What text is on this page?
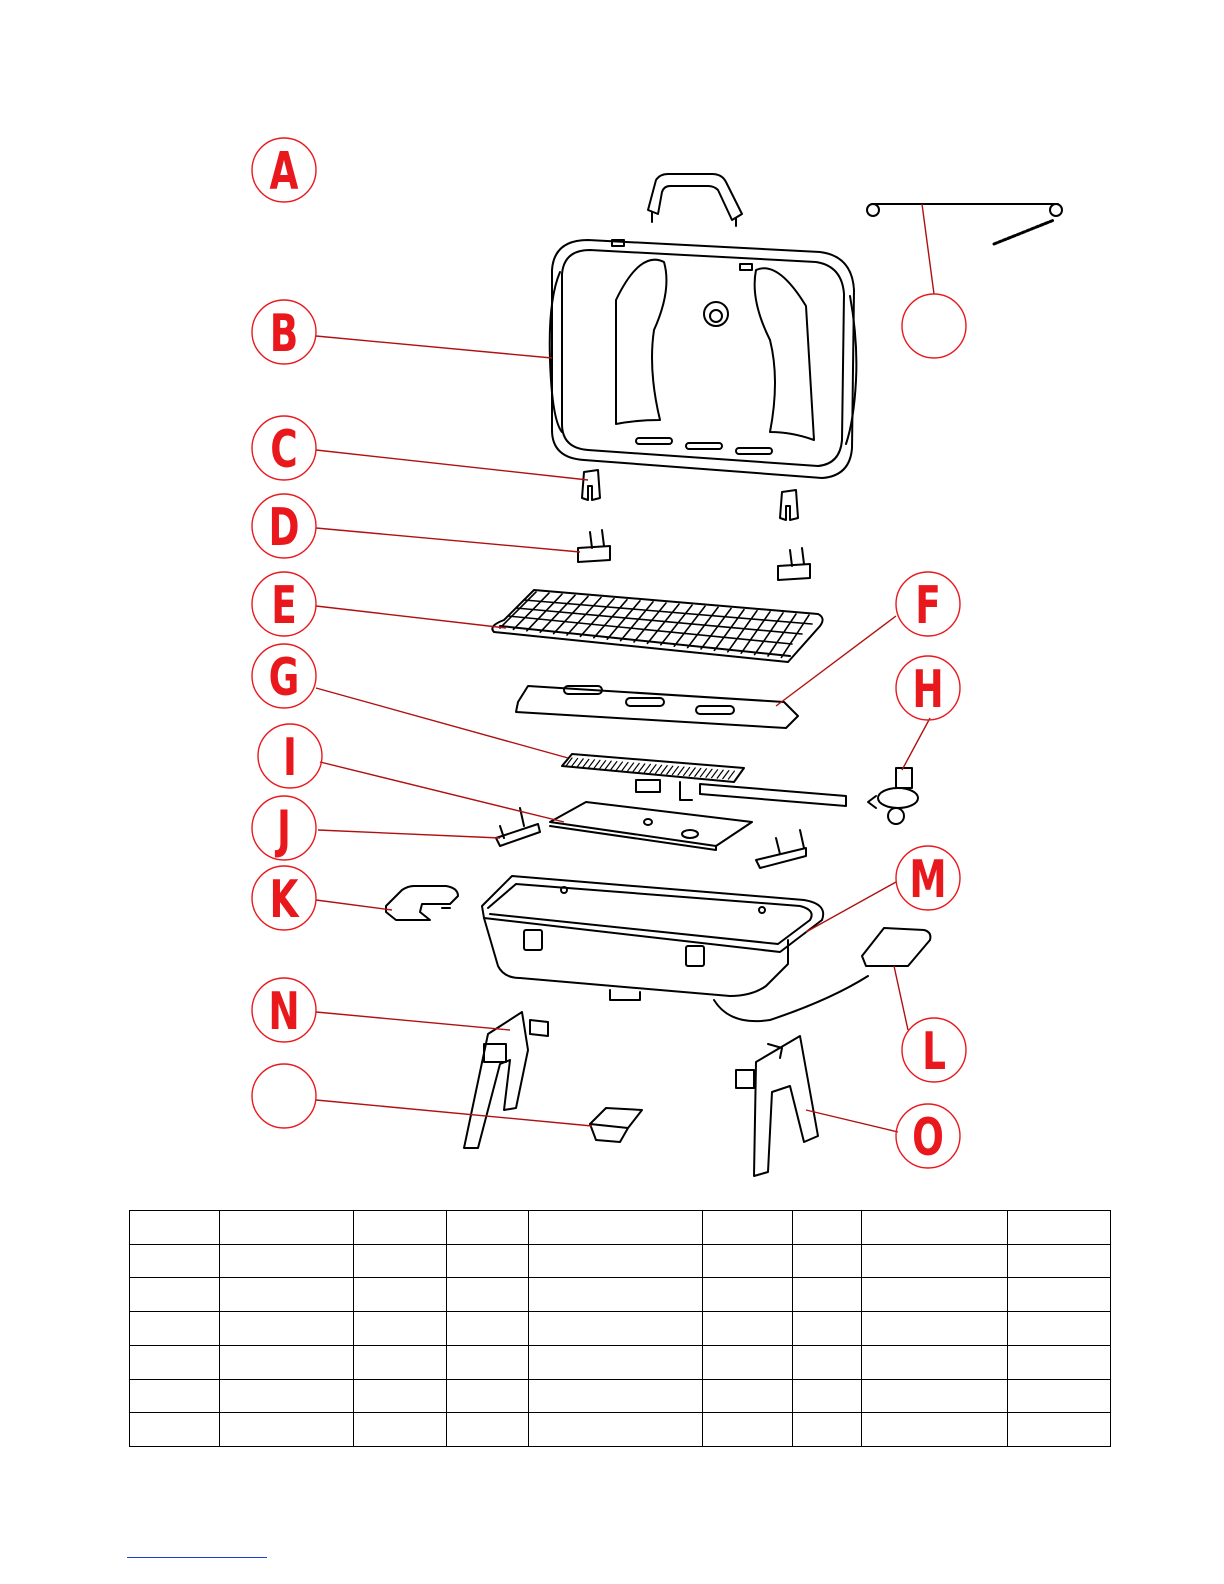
A
B
C
D
E	F
G	H
I
J
K
L
M
N
O
